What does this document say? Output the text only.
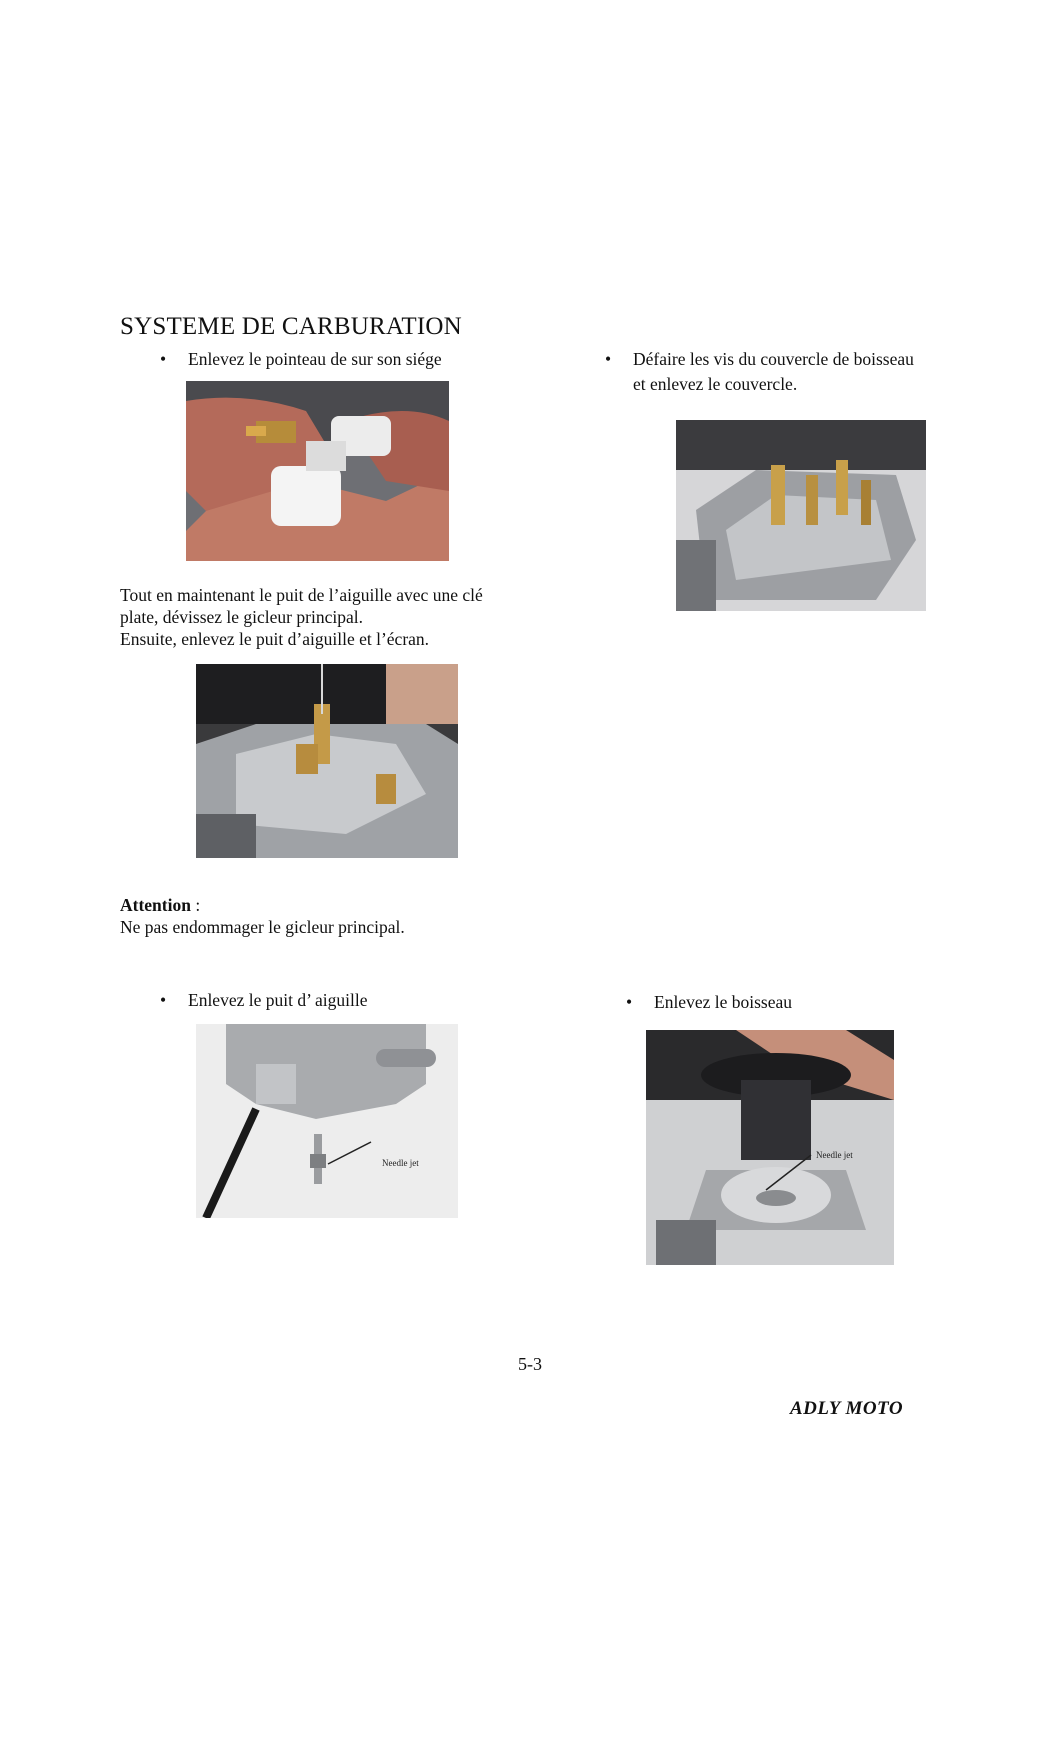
SYSTEME DE CARBURATION
• Enlevez le pointeau de sur son siége
Tout en maintenant le puit de l’aiguille avec une clé
plate, dévissez le gicleur principal.
Ensuite, enlevez le puit d’aiguille et l’écran.
Attention :
Ne pas endommager le gicleur principal.
• Enlevez le puit d’ aiguille
Needle jet
• Défaire les vis du couvercle de boisseau
et enlevez le couvercle.
• Enlevez le boisseau
Needle jet
5-3
ADLY MOTO
